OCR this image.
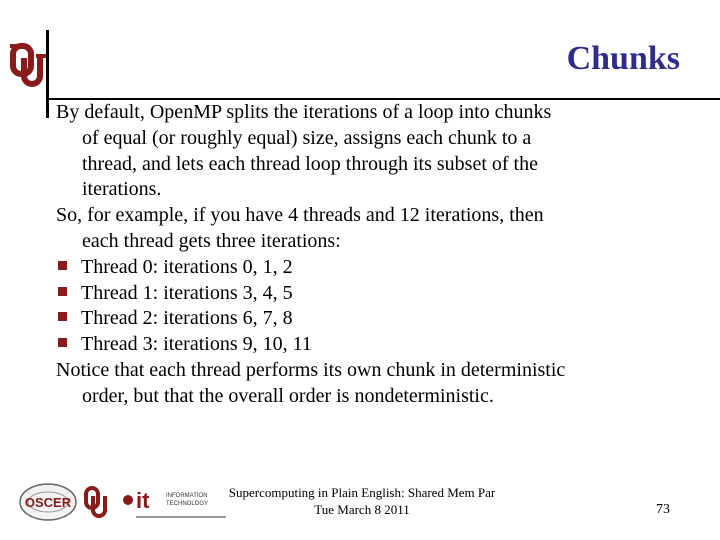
Chunks

By default, OpenMP splits the iterations of a loop into chunks
of equal (or roughly equal) size, assigns each chunk to a
thread, and lets each thread loop through its subset of the
iterations.

So, for example, if you have 4 threads and 12 iterations, then
each thread gets three iterations:

Thread 0: iterations 0, 1, 2
Thread 1: iterations 3, 4, 5
Thread 2: iterations 6, 7, 8
Thread 3: iterations 9, 10, 11

Notice that each thread performs its own chunk in deterministic
order, but that the overall order is nondeterministic.

OSCER	it	INFORMATION
TECHNOLOGY
Supercomputing in Plain English: Shared Mem Par
Tue March 8 2011	73
